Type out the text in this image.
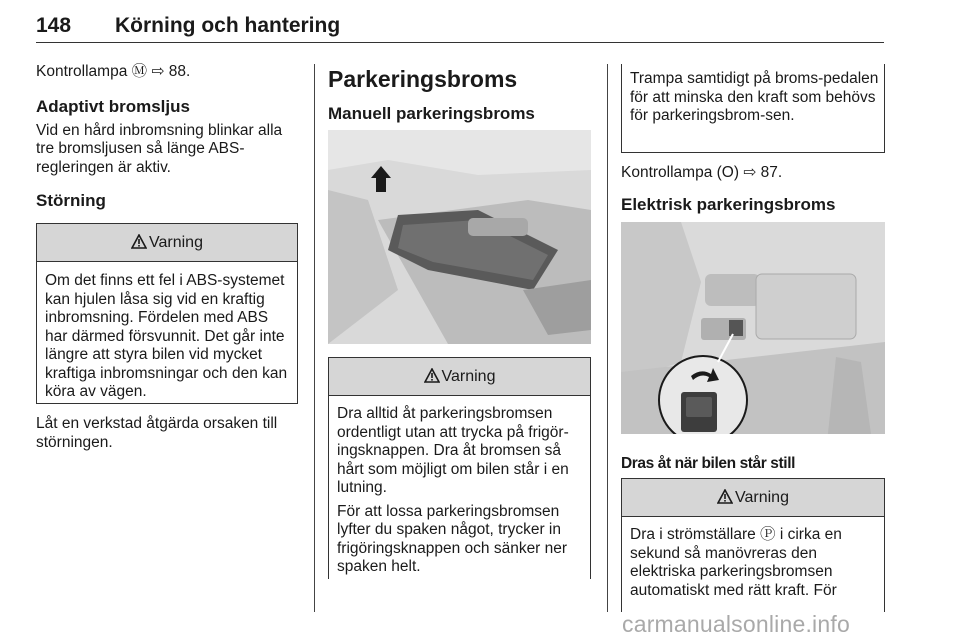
148 Körning och hantering

Kontrollampa Ⓜ ⇨ 88.

Adaptivt bromsljus

Vid en hård inbromsning blinkar alla tre bromsljusen så länge ABS-regleringen är aktiv.

Störning

Varning
Om det finns ett fel i ABS-systemet kan hjulen låsa sig vid en kraftig inbromsning. Fördelen med ABS har därmed försvunnit. Det går inte längre att styra bilen vid mycket kraftiga inbromsningar och den kan köra av vägen.

Låt en verkstad åtgärda orsaken till störningen.

Parkeringsbroms
Manuell parkeringsbroms
Varning

Dra alltid åt parkeringsbromsen ordentligt utan att trycka på frigör-ingsknappen. Dra åt bromsen så hårt som möjligt om bilen står i en lutning.

För att lossa parkeringsbromsen lyfter du spaken något, trycker in frigöringsknappen och sänker ner spaken helt.

Trampa samtidigt på broms-pedalen för att minska den kraft som behövs för parkeringsbrom-sen.

Kontrollampa (O) ⇨ 87.

Elektrisk parkeringsbroms

Dras åt när bilen står still

Varning
Dra i strömställare Ⓟ i cirka en sekund så manövreras den elektriska parkeringsbromsen automatiskt med rätt kraft. För
carmanualsonline.info
